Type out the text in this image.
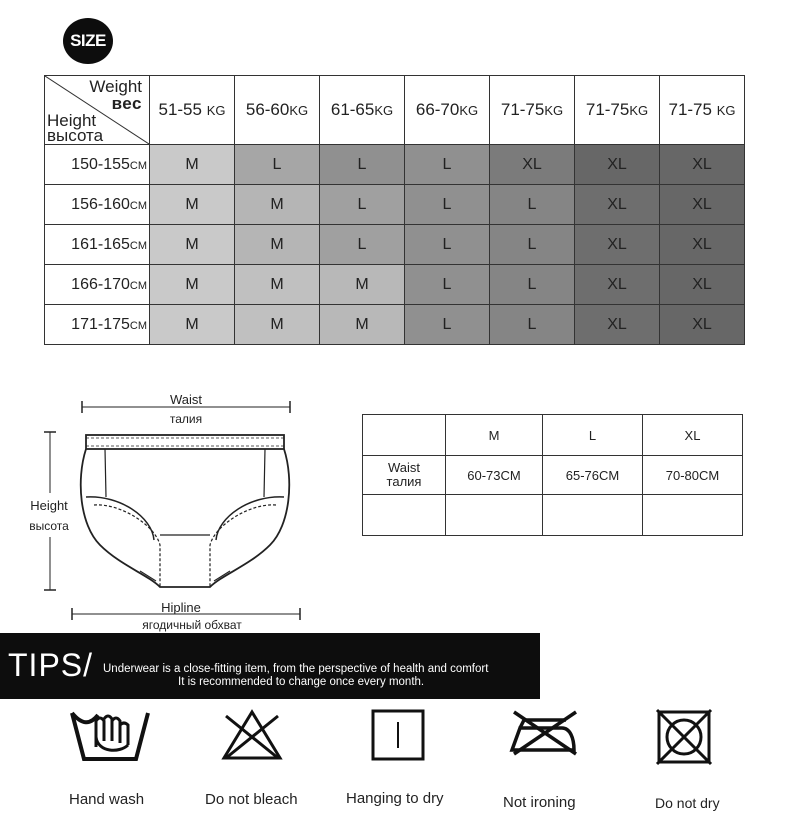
SIZE
Weight
вес
Height
высота	51-55 KG	56-60KG	61-65KG	66-70KG	71-75KG	71-75KG	71-75 KG
150-155CM	M	L	L	L	XL	XL	XL
156-160CM	M	M	L	L	L	XL	XL
161-165CM	M	M	L	L	L	XL	XL
166-170CM	M	M	M	L	L	XL	XL
171-175CM	M	M	M	L	L	XL	XL
Waist
талия
Height
высота
Hipline
ягодичный обхват
	M	L	XL
Waist
талия	60-73CM	65-76CM	70-80CM

TIPS/ Underwear is a close-fitting item, from the perspective of health and comfort
It is recommended to change once every month.
Hand wash	Do not bleach	Hanging to dry	Not ironing	Do not dry
